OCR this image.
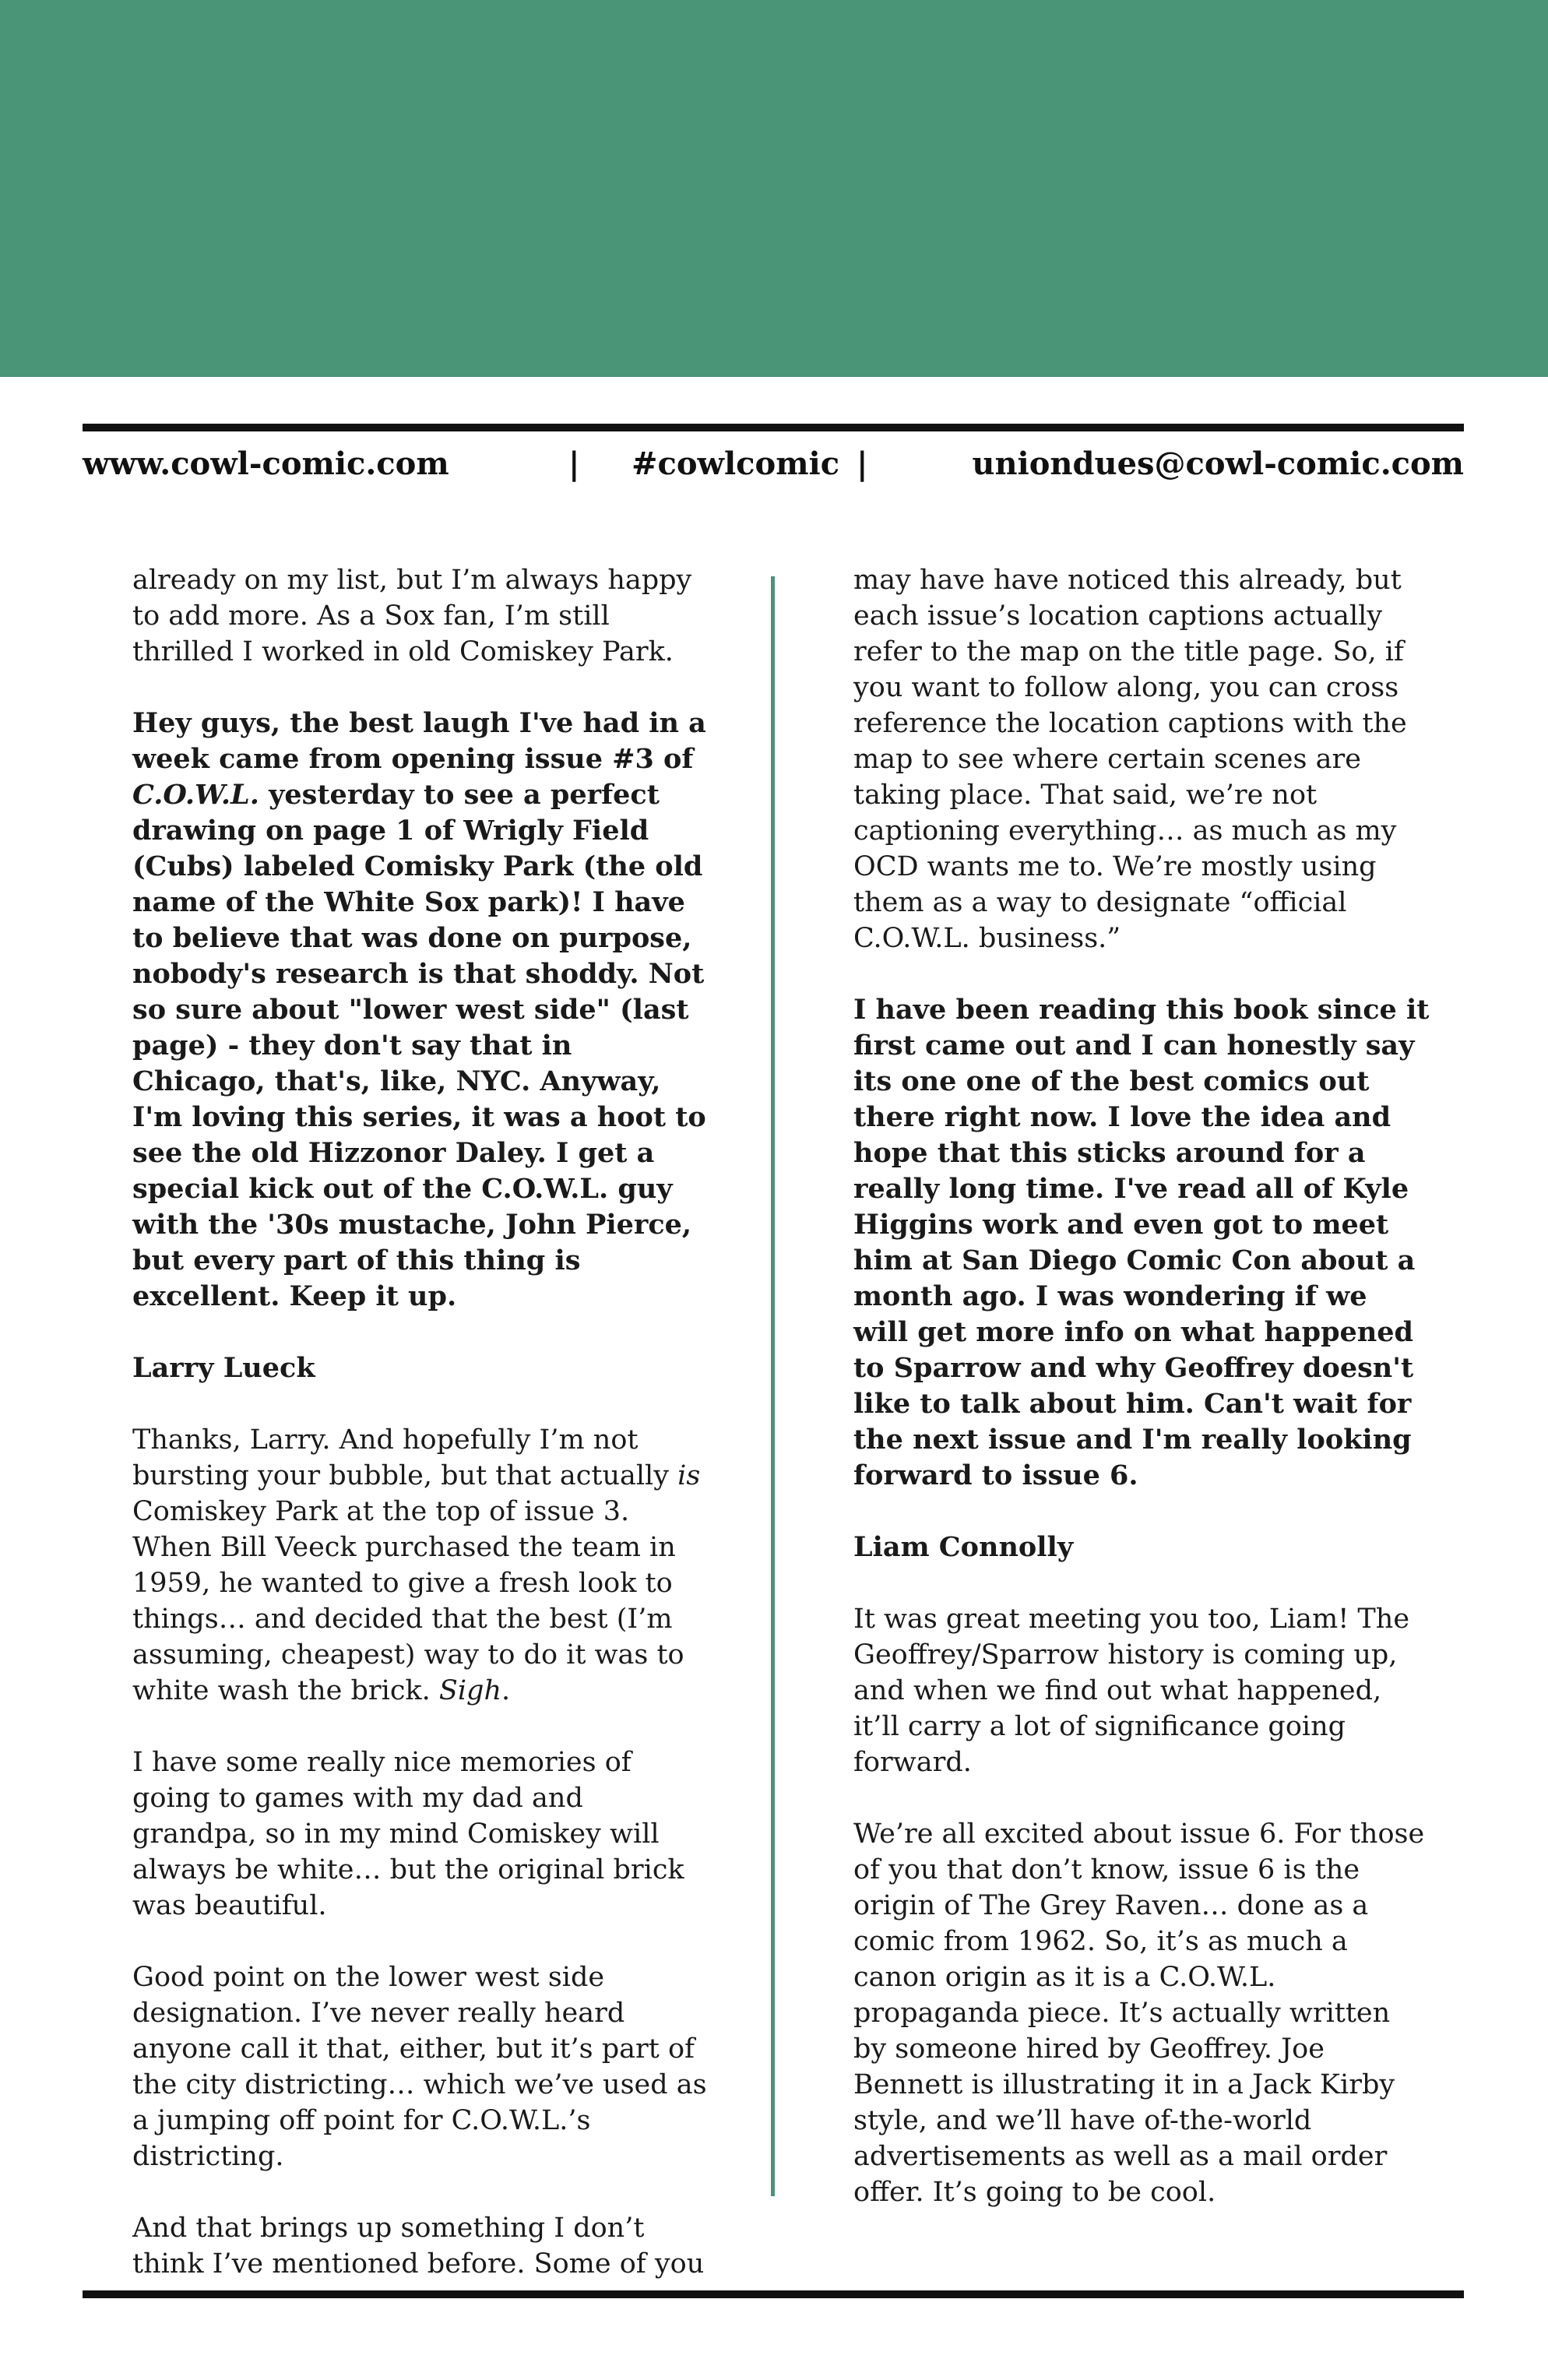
www.cowl-comic.com	| #cowlcomic |	uniondues@cowl-comic.com

already on my list, but I’m always happy to add more. As a Sox fan, I’m still thrilled I worked in old Comiskey Park.

Hey guys, the best laugh I've had in a week came from opening issue #3 of C.O.W.L. yesterday to see a perfect drawing on page 1 of Wrigly Field (Cubs) labeled Comisky Park (the old name of the White Sox park)! I have to believe that was done on purpose, nobody's research is that shoddy. Not so sure about "lower west side" (last page) - they don't say that in Chicago, that's, like, NYC. Anyway, I'm loving this series, it was a hoot to see the old Hizzonor Daley. I get a special kick out of the C.O.W.L. guy with the '30s mustache, John Pierce, but every part of this thing is excellent. Keep it up.

Larry Lueck

Thanks, Larry. And hopefully I’m not bursting your bubble, but that actually is Comiskey Park at the top of issue 3. When Bill Veeck purchased the team in 1959, he wanted to give a fresh look to things… and decided that the best (I’m assuming, cheapest) way to do it was to white wash the brick. Sigh.

I have some really nice memories of going to games with my dad and grandpa, so in my mind Comiskey will always be white… but the original brick was beautiful.

Good point on the lower west side designation. I’ve never really heard anyone call it that, either, but it’s part of the city districting… which we’ve used as a jumping off point for C.O.W.L.’s districting.

And that brings up something I don’t think I’ve mentioned before. Some of you

may have have noticed this already, but each issue’s location captions actually refer to the map on the title page. So, if you want to follow along, you can cross reference the location captions with the map to see where certain scenes are taking place. That said, we’re not captioning everything… as much as my OCD wants me to. We’re mostly using them as a way to designate “official C.O.W.L. business.”

I have been reading this book since it first came out and I can honestly say its one one of the best comics out there right now. I love the idea and hope that this sticks around for a really long time. I've read all of Kyle Higgins work and even got to meet him at San Diego Comic Con about a month ago. I was wondering if we will get more info on what happened to Sparrow and why Geoffrey doesn't like to talk about him. Can't wait for the next issue and I'm really looking forward to issue 6.

Liam Connolly

It was great meeting you too, Liam! The Geoffrey/Sparrow history is coming up, and when we find out what happened, it’ll carry a lot of significance going forward.

We’re all excited about issue 6. For those of you that don’t know, issue 6 is the origin of The Grey Raven… done as a comic from 1962. So, it’s as much a canon origin as it is a C.O.W.L. propaganda piece. It’s actually written by someone hired by Geoffrey. Joe Bennett is illustrating it in a Jack Kirby style, and we’ll have of-the-world advertisements as well as a mail order offer. It’s going to be cool.
